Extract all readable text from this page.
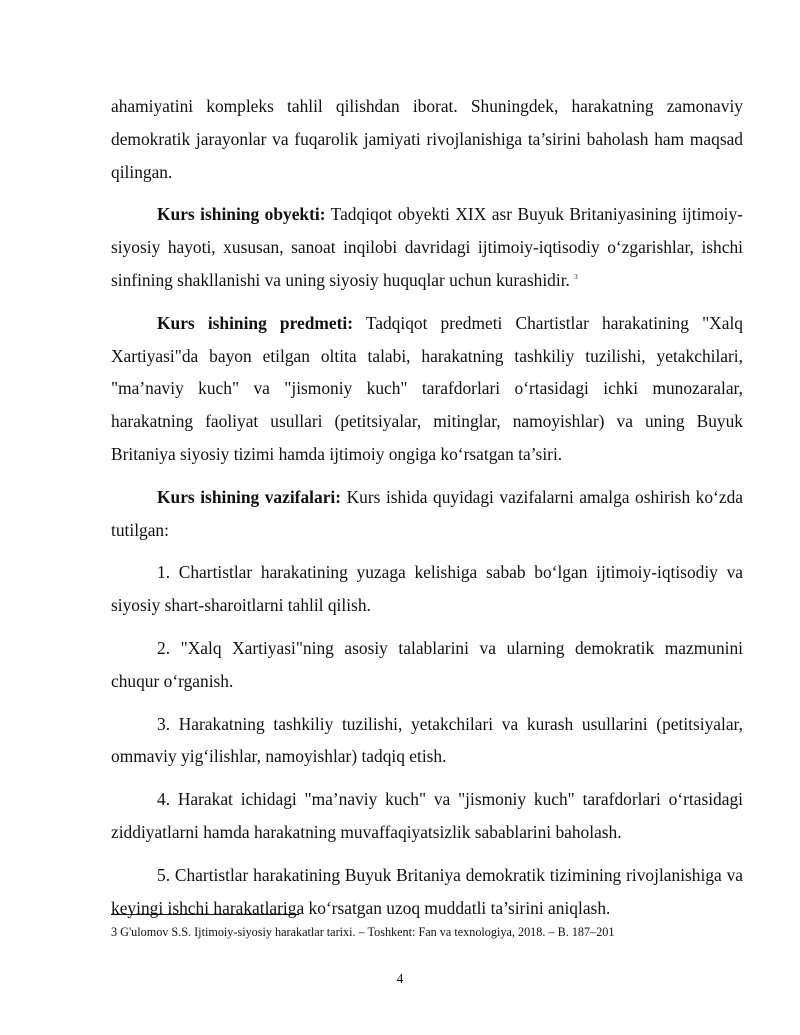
ahamiyatini kompleks tahlil qilishdan iborat. Shuningdek, harakatning zamonaviy demokratik jarayonlar va fuqarolik jamiyati rivojlanishiga ta’sirini baholash ham maqsad qilingan.

Kurs ishining obyekti: Tadqiqot obyekti XIX asr Buyuk Britaniyasining ijtimoiy-siyosiy hayoti, xususan, sanoat inqilobi davridagi ijtimoiy-iqtisodiy o‘zgarishlar, ishchi sinfining shakllanishi va uning siyosiy huquqlar uchun kurashidir. $^3$

Kurs ishining predmeti: Tadqiqot predmeti Chartistlar harakatining "Xalq Xartiyasi"da bayon etilgan oltita talabi, harakatning tashkiliy tuzilishi, yetakchilari, "ma’naviy kuch" va "jismoniy kuch" tarafdorlari o‘rtasidagi ichki munozaralar, harakatning faoliyat usullari (petitsiyalar, mitinglar, namoyishlar) va uning Buyuk Britaniya siyosiy tizimi hamda ijtimoiy ongiga ko‘rsatgan ta’siri.

Kurs ishining vazifalari: Kurs ishida quyidagi vazifalarni amalga oshirish ko‘zda tutilgan:

1. Chartistlar harakatining yuzaga kelishiga sabab bo‘lgan ijtimoiy-iqtisodiy va siyosiy shart-sharoitlarni tahlil qilish.

2. "Xalq Xartiyasi"ning asosiy talablarini va ularning demokratik mazmunini chuqur o‘rganish.

3. Harakatning tashkiliy tuzilishi, yetakchilari va kurash usullarini (petitsiyalar, ommaviy yig‘ilishlar, namoyishlar) tadqiq etish.

4. Harakat ichidagi "ma’naviy kuch" va "jismoniy kuch" tarafdorlari o‘rtasidagi ziddiyatlarni hamda harakatning muvaffaqiyatsizlik sabablarini baholash.

5. Chartistlar harakatining Buyuk Britaniya demokratik tizimining rivojlanishiga va keyingi ishchi harakatlariga ko‘rsatgan uzoq muddatli ta’sirini aniqlash.

3 G'ulomov S.S. Ijtimoiy-siyosiy harakatlar tarixi. – Toshkent: Fan va texnologiya, 2018. – B. 187–201
4
